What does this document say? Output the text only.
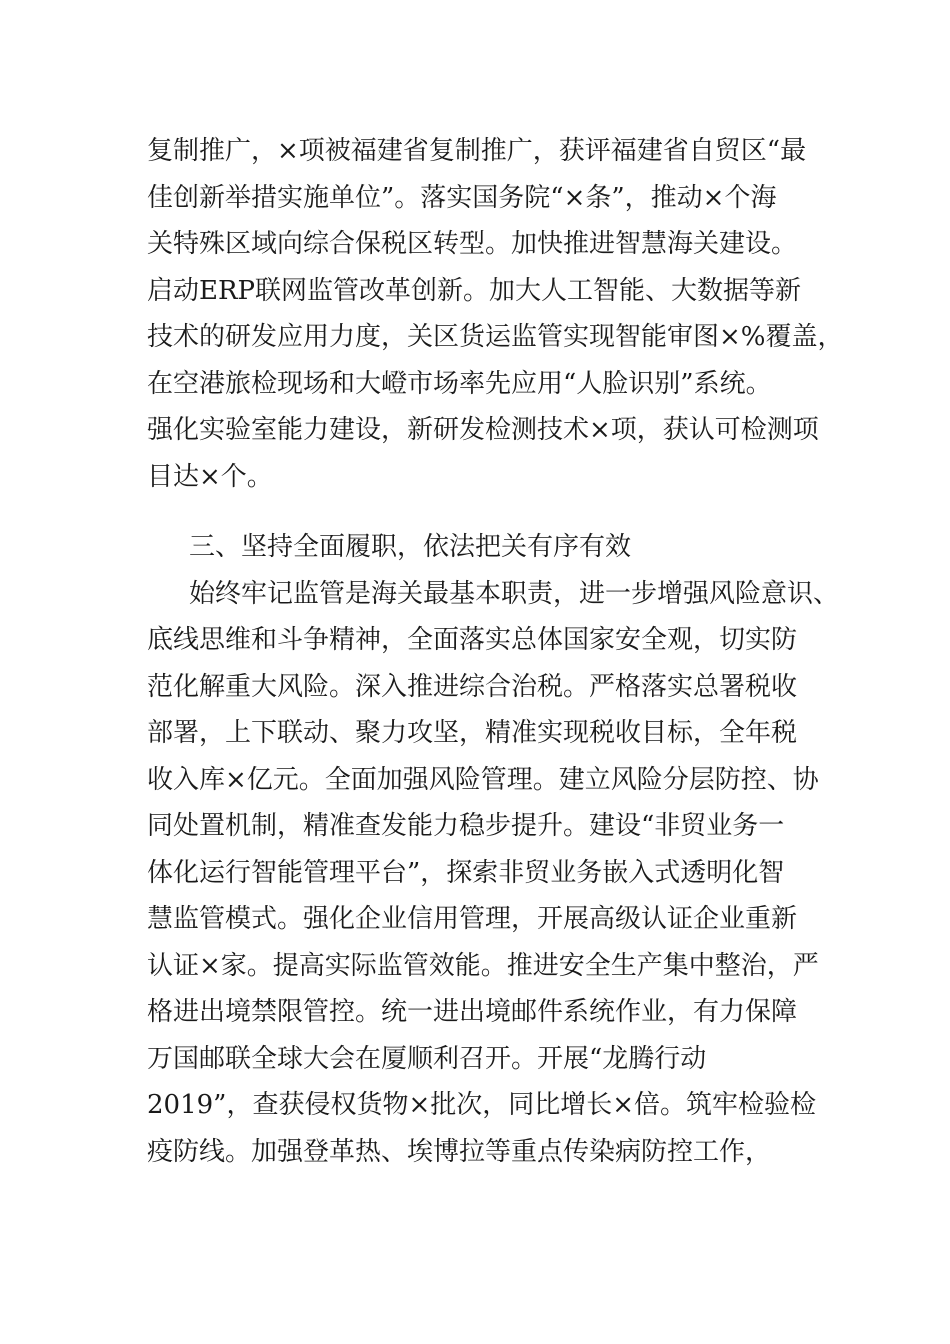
复制推广，×项被福建省复制推广，获评福建省自贸区“最
佳创新举措实施单位”。落实国务院“×条”，推动×个海
关特殊区域向综合保税区转型。加快推进智慧海关建设。
启动ERP联网监管改革创新。加大人工智能、大数据等新
技术的研发应用力度，关区货运监管实现智能审图×%覆盖，
在空港旅检现场和大嶝市场率先应用“人脸识别”系统。
强化实验室能力建设，新研发检测技术×项，获认可检测项
目达×个。
三、坚持全面履职，依法把关有序有效
始终牢记监管是海关最基本职责，进一步增强风险意识、
底线思维和斗争精神，全面落实总体国家安全观，切实防
范化解重大风险。深入推进综合治税。严格落实总署税收
部署，上下联动、聚力攻坚，精准实现税收目标，全年税
收入库×亿元。全面加强风险管理。建立风险分层防控、协
同处置机制，精准查发能力稳步提升。建设“非贸业务一
体化运行智能管理平台”，探索非贸业务嵌入式透明化智
慧监管模式。强化企业信用管理，开展高级认证企业重新
认证×家。提高实际监管效能。推进安全生产集中整治，严
格进出境禁限管控。统一进出境邮件系统作业，有力保障
万国邮联全球大会在厦顺利召开。开展“龙腾行动
2019”，查获侵权货物×批次，同比增长×倍。筑牢检验检
疫防线。加强登革热、埃博拉等重点传染病防控工作，
